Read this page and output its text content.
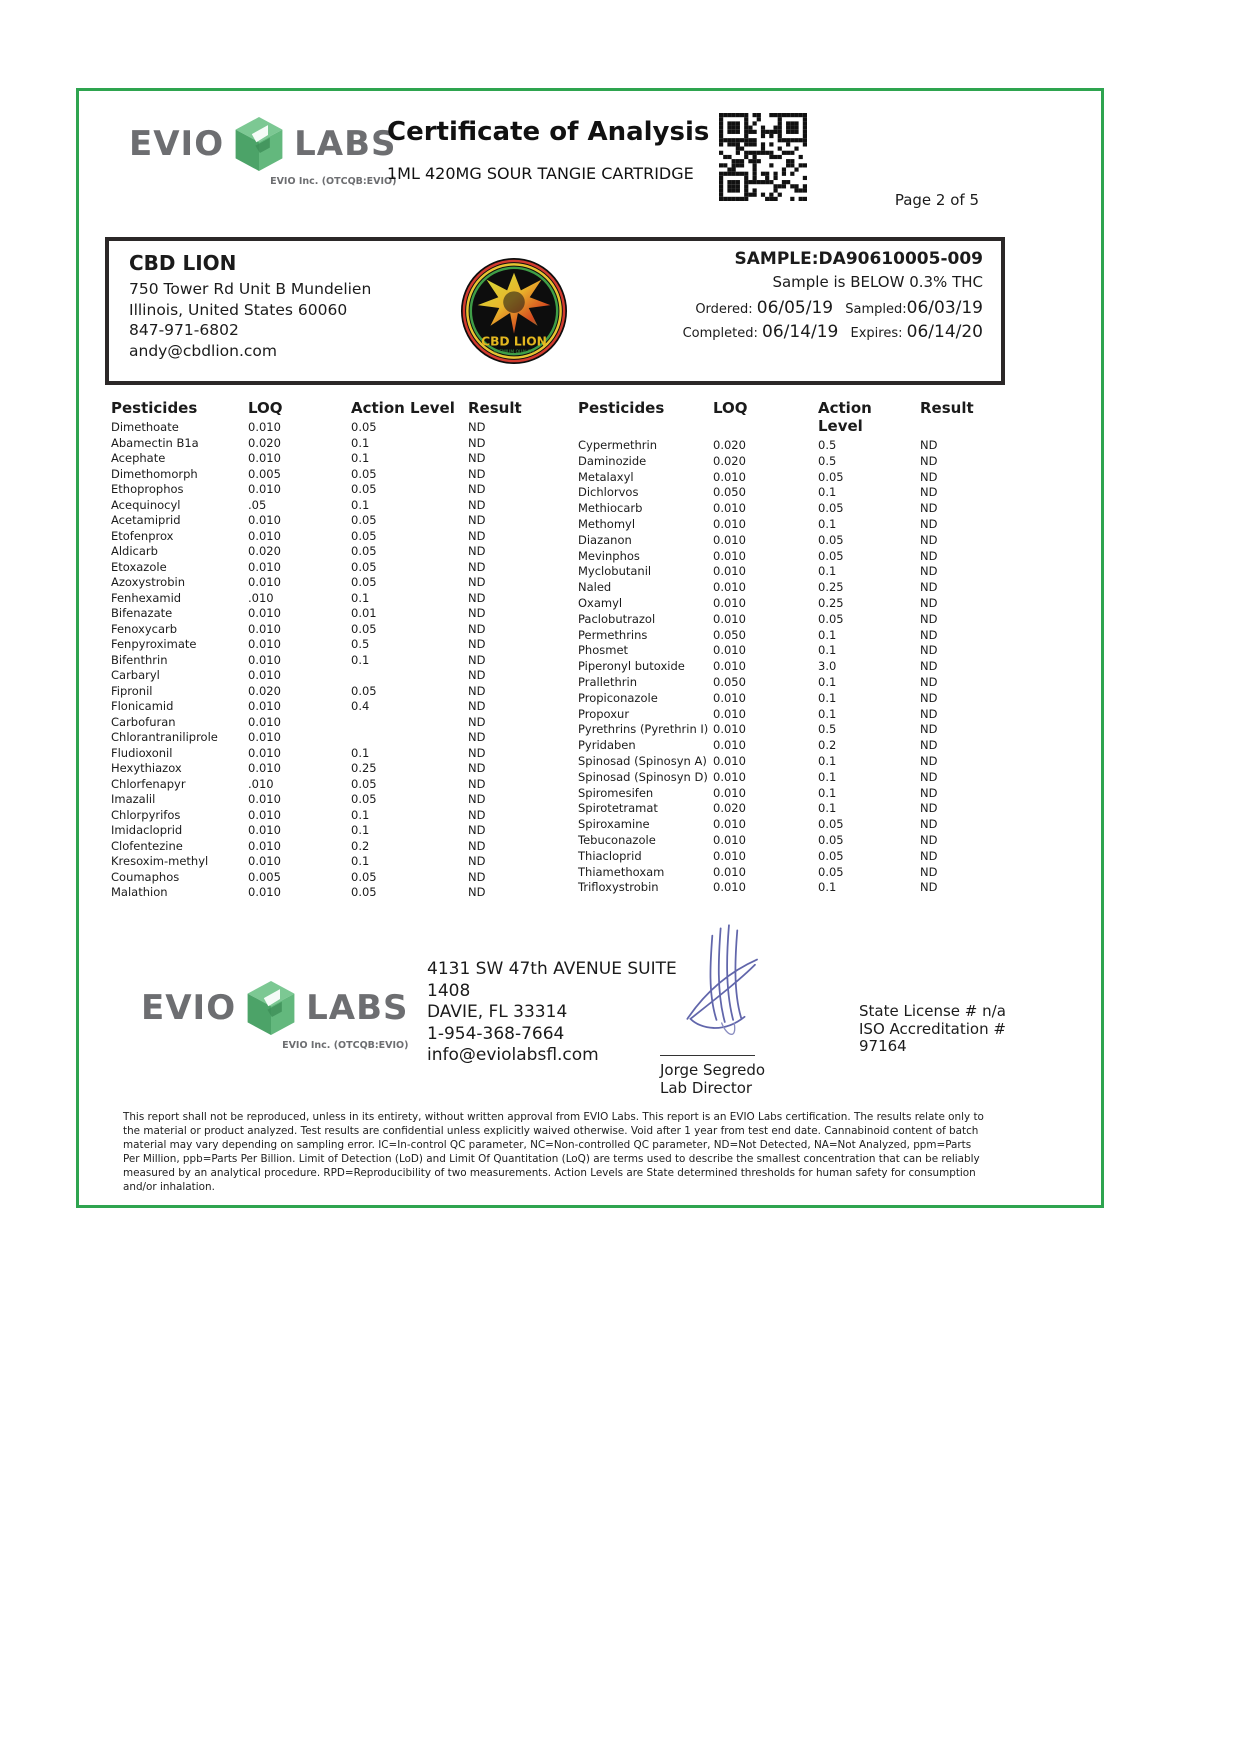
EVIO LABS
EVIO Inc. (OTCQB:EVIO)
Certificate of Analysis
1ML 420MG SOUR TANGIE CARTRIDGE
Page 2 of 5
CBD LION
750 Tower Rd Unit B Mundelien
Illinois, United States 60060
847-971-6802
andy@cbdlion.com
CBD LION
PREMIUM QUALITY
SAMPLE:DA90610005-009
Sample is BELOW 0.3% THC
Ordered: 06/05/19 Sampled:06/03/19
Completed: 06/14/19 Expires: 06/14/20
Pesticides	LOQ	Action Level	Result
Dimethoate	0.010	0.05	ND
Abamectin B1a	0.020	0.1	ND
Acephate	0.010	0.1	ND
Dimethomorph	0.005	0.05	ND
Ethoprophos	0.010	0.05	ND
Acequinocyl	.05	0.1	ND
Acetamiprid	0.010	0.05	ND
Etofenprox	0.010	0.05	ND
Aldicarb	0.020	0.05	ND
Etoxazole	0.010	0.05	ND
Azoxystrobin	0.010	0.05	ND
Fenhexamid	.010	0.1	ND
Bifenazate	0.010	0.01	ND
Fenoxycarb	0.010	0.05	ND
Fenpyroximate	0.010	0.5	ND
Bifenthrin	0.010	0.1	ND
Carbaryl	0.010		ND
Fipronil	0.020	0.05	ND
Flonicamid	0.010	0.4	ND
Carbofuran	0.010		ND
Chlorantraniliprole	0.010		ND
Fludioxonil	0.010	0.1	ND
Hexythiazox	0.010	0.25	ND
Chlorfenapyr	.010	0.05	ND
Imazalil	0.010	0.05	ND
Chlorpyrifos	0.010	0.1	ND
Imidacloprid	0.010	0.1	ND
Clofentezine	0.010	0.2	ND
Kresoxim-methyl	0.010	0.1	ND
Coumaphos	0.005	0.05	ND
Malathion	0.010	0.05	ND
Pesticides	LOQ	Action Level	Result
Cypermethrin	0.020	0.5	ND
Daminozide	0.020	0.5	ND
Metalaxyl	0.010	0.05	ND
Dichlorvos	0.050	0.1	ND
Methiocarb	0.010	0.05	ND
Methomyl	0.010	0.1	ND
Diazanon	0.010	0.05	ND
Mevinphos	0.010	0.05	ND
Myclobutanil	0.010	0.1	ND
Naled	0.010	0.25	ND
Oxamyl	0.010	0.25	ND
Paclobutrazol	0.010	0.05	ND
Permethrins	0.050	0.1	ND
Phosmet	0.010	0.1	ND
Piperonyl butoxide	0.010	3.0	ND
Prallethrin	0.050	0.1	ND
Propiconazole	0.010	0.1	ND
Propoxur	0.010	0.1	ND
Pyrethrins (Pyrethrin I)	0.010	0.5	ND
Pyridaben	0.010	0.2	ND
Spinosad (Spinosyn A)	0.010	0.1	ND
Spinosad (Spinosyn D)	0.010	0.1	ND
Spiromesifen	0.010	0.1	ND
Spirotetramat	0.020	0.1	ND
Spiroxamine	0.010	0.05	ND
Tebuconazole	0.010	0.05	ND
Thiacloprid	0.010	0.05	ND
Thiamethoxam	0.010	0.05	ND
Trifloxystrobin	0.010	0.1	ND
EVIO LABS
EVIO Inc. (OTCQB:EVIO)
4131 SW 47th AVENUE SUITE
1408
DAVIE, FL 33314
1-954-368-7664
info@eviolabsfl.com
Jorge Segredo
Lab Director
State License # n/a
ISO Accreditation #
97164

This report shall not be reproduced, unless in its entirety, without written approval from EVIO Labs. This report is an EVIO Labs certification. The results relate only to the material or product analyzed. Test results are confidential unless explicitly waived otherwise. Void after 1 year from test end date. Cannabinoid content of batch material may vary depending on sampling error. IC=In-control QC parameter, NC=Non-controlled QC parameter, ND=Not Detected, NA=Not Analyzed, ppm=Parts Per Million, ppb=Parts Per Billion. Limit of Detection (LoD) and Limit Of Quantitation (LoQ) are terms used to describe the smallest concentration that can be reliably measured by an analytical procedure. RPD=Reproducibility of two measurements. Action Levels are State determined thresholds for human safety for consumption and/or inhalation.
